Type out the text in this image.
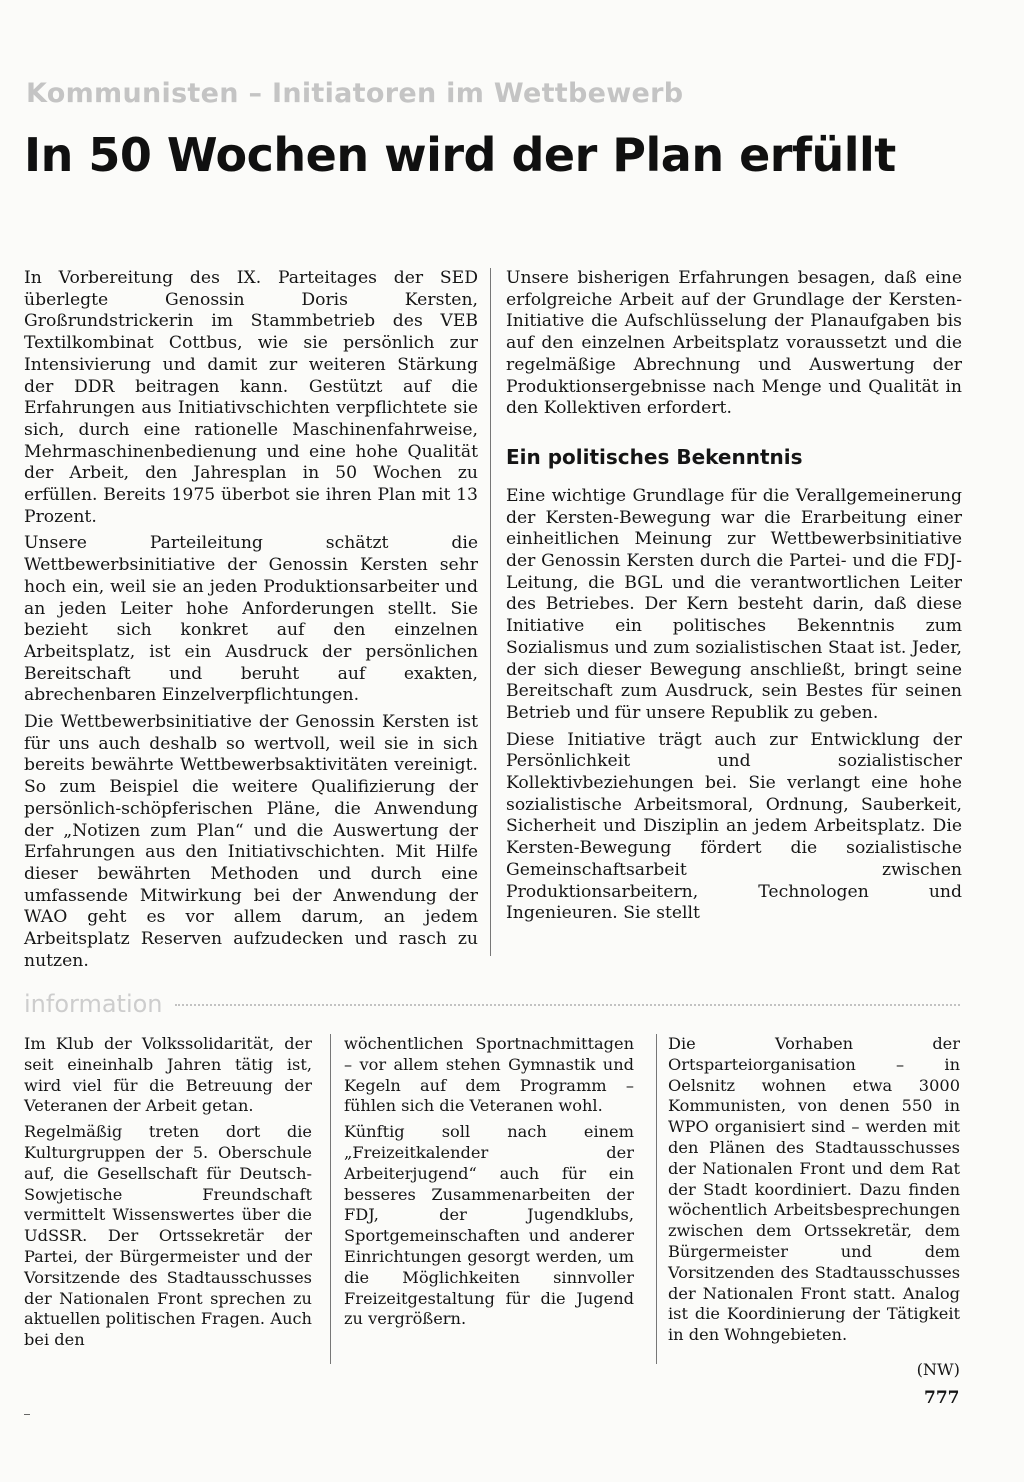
Kommunisten – Initiatoren im Wettbewerb
In 50 Wochen wird der Plan erfüllt

In Vorbereitung des IX. Parteitages der SED überlegte Genossin Doris Kersten, Großrundstrickerin im Stammbetrieb des VEB Textilkombinat Cottbus, wie sie persönlich zur Intensivierung und damit zur weiteren Stärkung der DDR beitragen kann. Gestützt auf die Erfahrungen aus Initiativschichten verpflichtete sie sich, durch eine rationelle Maschinenfahrweise, Mehrmaschinenbedienung und eine hohe Qualität der Arbeit, den Jahresplan in 50 Wochen zu erfüllen. Bereits 1975 überbot sie ihren Plan mit 13 Prozent.

Unsere Parteileitung schätzt die Wettbewerbsinitiative der Genossin Kersten sehr hoch ein, weil sie an jeden Produktionsarbeiter und an jeden Leiter hohe Anforderungen stellt. Sie bezieht sich konkret auf den einzelnen Arbeitsplatz, ist ein Ausdruck der persönlichen Bereitschaft und beruht auf exakten, abrechenbaren Einzelverpflichtungen.

Die Wettbewerbsinitiative der Genossin Kersten ist für uns auch deshalb so wertvoll, weil sie in sich bereits bewährte Wettbewerbsaktivitäten vereinigt. So zum Beispiel die weitere Qualifizierung der persönlich-schöpferischen Pläne, die Anwendung der „Notizen zum Plan“ und die Auswertung der Erfahrungen aus den Initiativschichten. Mit Hilfe dieser bewährten Methoden und durch eine umfassende Mitwirkung bei der Anwendung der WAO geht es vor allem darum, an jedem Arbeitsplatz Reserven aufzudecken und rasch zu nutzen.

Unsere bisherigen Erfahrungen besagen, daß eine erfolgreiche Arbeit auf der Grundlage der Kersten-Initiative die Aufschlüsselung der Planaufgaben bis auf den einzelnen Arbeitsplatz voraussetzt und die regelmäßige Abrechnung und Auswertung der Produktionsergebnisse nach Menge und Qualität in den Kollektiven erfordert.

Ein politisches Bekenntnis

Eine wichtige Grundlage für die Verallgemeinerung der Kersten-Bewegung war die Erarbeitung einer einheitlichen Meinung zur Wettbewerbsinitiative der Genossin Kersten durch die Partei- und die FDJ-Leitung, die BGL und die verantwortlichen Leiter des Betriebes. Der Kern besteht darin, daß diese Initiative ein politisches Bekenntnis zum Sozialismus und zum sozialistischen Staat ist. Jeder, der sich dieser Bewegung anschließt, bringt seine Bereitschaft zum Ausdruck, sein Bestes für seinen Betrieb und für unsere Republik zu geben.

Diese Initiative trägt auch zur Entwicklung der Persönlichkeit und sozialistischer Kollektivbeziehungen bei. Sie verlangt eine hohe sozialistische Arbeitsmoral, Ordnung, Sauberkeit, Sicherheit und Disziplin an jedem Arbeitsplatz. Die Kersten-Bewegung fördert die sozialistische Gemeinschaftsarbeit zwischen Produktionsarbeitern, Technologen und Ingenieuren. Sie stellt

information

Im Klub der Volkssolidarität, der seit eineinhalb Jahren tätig ist, wird viel für die Betreuung der Veteranen der Arbeit getan.

Regelmäßig treten dort die Kulturgruppen der 5. Oberschule auf, die Gesellschaft für Deutsch-Sowjetische Freundschaft vermittelt Wissenswertes über die UdSSR. Der Ortssekretär der Partei, der Bürgermeister und der Vorsitzende des Stadtausschusses der Nationalen Front sprechen zu aktuellen politischen Fragen. Auch bei den

wöchentlichen Sportnachmittagen – vor allem stehen Gymnastik und Kegeln auf dem Programm – fühlen sich die Veteranen wohl.

Künftig soll nach einem „Freizeitkalender der Arbeiterjugend“ auch für ein besseres Zusammenarbeiten der FDJ, der Jugendklubs, Sportgemeinschaften und anderer Einrichtungen gesorgt werden, um die Möglichkeiten sinnvoller Freizeitgestaltung für die Jugend zu vergrößern.

Die Vorhaben der Ortsparteiorganisation – in Oelsnitz wohnen etwa 3000 Kommunisten, von denen 550 in WPO organisiert sind – werden mit den Plänen des Stadtausschusses der Nationalen Front und dem Rat der Stadt koordiniert. Dazu finden wöchentlich Arbeitsbesprechungen zwischen dem Ortssekretär, dem Bürgermeister und dem Vorsitzenden des Stadtausschusses der Nationalen Front statt. Analog ist die Koordinierung der Tätigkeit in den Wohngebieten.

(NW)

777
